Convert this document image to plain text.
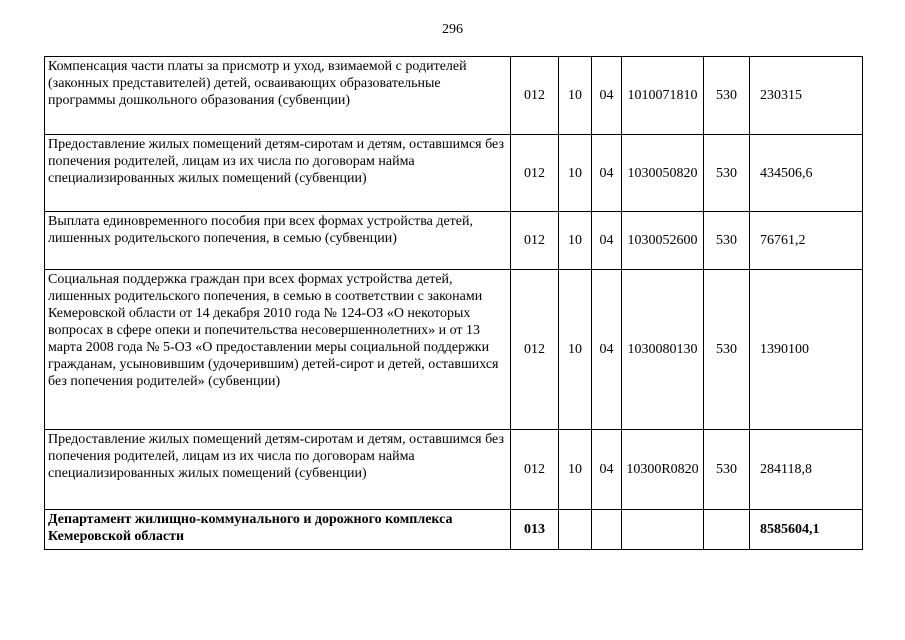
296
Компенсация части платы за присмотр и уход, взимаемой с родителей (законных представителей) детей, осваивающих образовательные программы дошкольного образования (субвенции)	012	10	04	1010071810	530	230315
Предоставление жилых помещений детям-сиротам и детям, оставшимся без попечения родителей, лицам из их числа по договорам найма специализированных жилых помещений (субвенции)	012	10	04	1030050820	530	434506,6
Выплата единовременного пособия при всех формах устройства детей, лишенных родительского попечения, в семью (субвенции)	012	10	04	1030052600	530	76761,2
Социальная поддержка граждан при всех формах устройства детей, лишенных родительского попечения, в семью в соответствии с законами Кемеровской области от 14 декабря 2010 года № 124-ОЗ «О некоторых вопросах в сфере опеки и попечительства несовершеннолетних» и от 13 марта 2008 года № 5-ОЗ «О предоставлении меры социальной поддержки гражданам, усыновившим (удочерившим) детей-сирот и детей, оставшихся без попечения родителей» (субвенции)	012	10	04	1030080130	530	1390100
Предоставление жилых помещений детям-сиротам и детям, оставшимся без попечения родителей, лицам из их числа по договорам найма специализированных жилых помещений (субвенции)	012	10	04	10300R0820	530	284118,8
Департамент жилищно-коммунального и дорожного комплекса Кемеровской области	013					8585604,1
